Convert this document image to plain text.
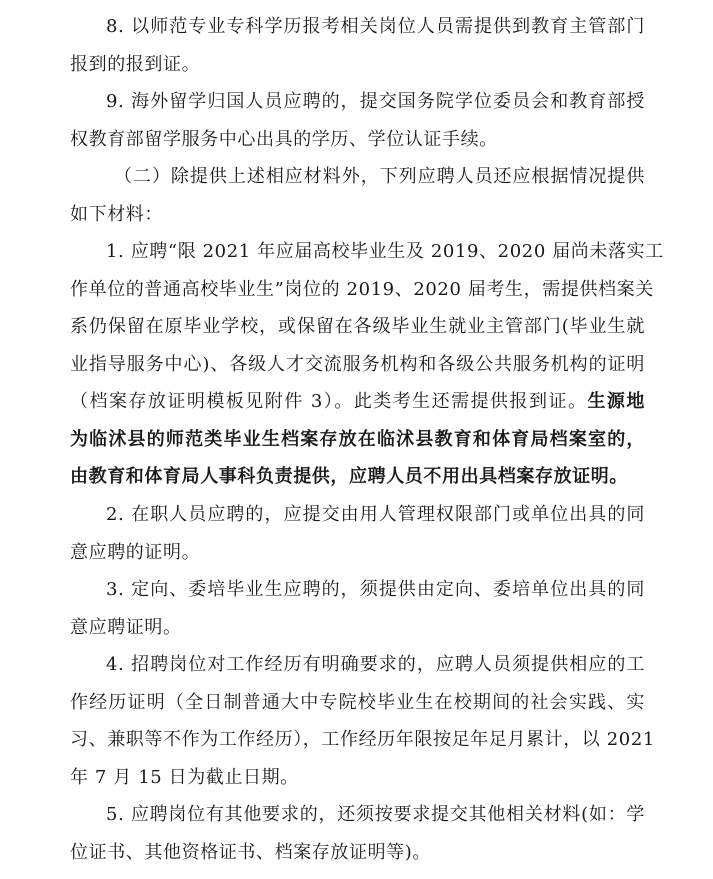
8. 以师范专业专科学历报考相关岗位人员需提供到教育主管部门
报到的报到证。

9. 海外留学归国人员应聘的，提交国务院学位委员会和教育部授
权教育部留学服务中心出具的学历、学位认证手续。

（二）除提供上述相应材料外，下列应聘人员还应根据情况提供
如下材料：

1. 应聘“限 2021 年应届高校毕业生及 2019、2020 届尚未落实工
作单位的普通高校毕业生”岗位的 2019、2020 届考生，需提供档案关
系仍保留在原毕业学校，或保留在各级毕业生就业主管部门(毕业生就
业指导服务中心)、各级人才交流服务机构和各级公共服务机构的证明
（档案存放证明模板见附件 3）。此类考生还需提供报到证。生源地
为临沭县的师范类毕业生档案存放在临沭县教育和体育局档案室的，
由教育和体育局人事科负责提供，应聘人员不用出具档案存放证明。

2. 在职人员应聘的，应提交由用人管理权限部门或单位出具的同
意应聘的证明。

3. 定向、委培毕业生应聘的，须提供由定向、委培单位出具的同
意应聘证明。

4. 招聘岗位对工作经历有明确要求的，应聘人员须提供相应的工
作经历证明（全日制普通大中专院校毕业生在校期间的社会实践、实
习、兼职等不作为工作经历），工作经历年限按足年足月累计，以 2021
年 7 月 15 日为截止日期。

5. 应聘岗位有其他要求的，还须按要求提交其他相关材料(如：学
位证书、其他资格证书、档案存放证明等)。
